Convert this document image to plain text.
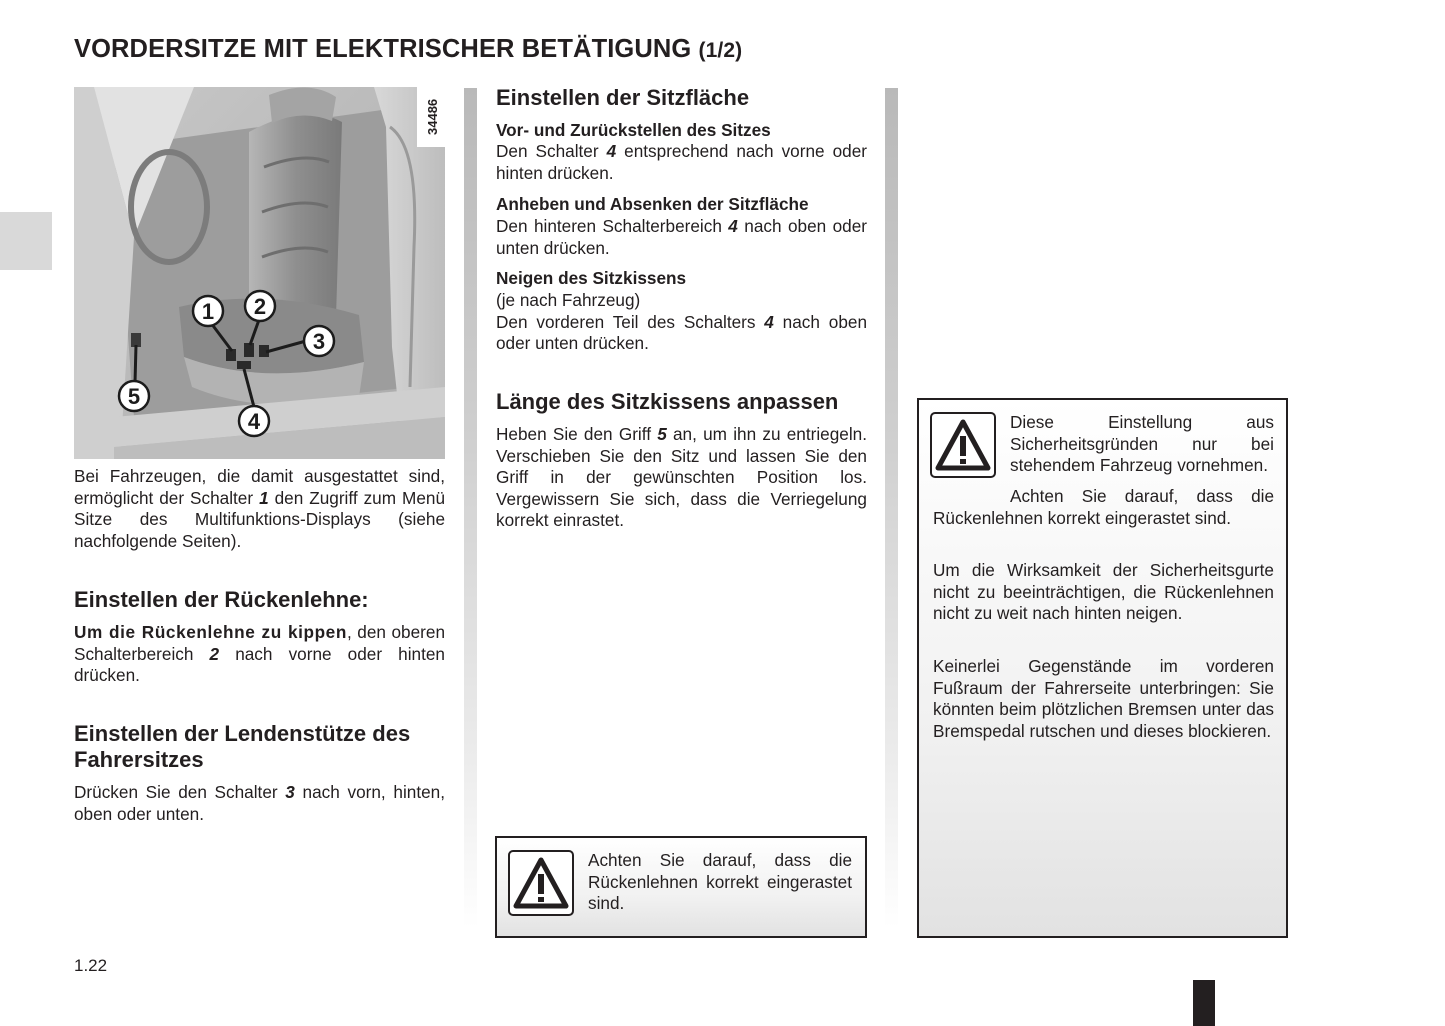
VORDERSITZE MIT ELEKTRISCHER BETÄTIGUNG (1/2)
1 2
3
4
5
34486

Bei Fahrzeugen, die damit ausgestattet sind, ermöglicht der Schalter 1 den Zugriff zum Menü Sitze des Multifunktions-Displays (siehe nachfolgende Seiten).

Einstellen der Rückenlehne:

Um die Rückenlehne zu kippen, den oberen Schalterbereich 2 nach vorne oder hinten drücken.

Einstellen der Lendenstütze des Fahrersitzes

Drücken Sie den Schalter 3 nach vorn, hinten, oben oder unten.

Einstellen der Sitzfläche
Vor- und Zurückstellen des Sitzes

Den Schalter 4 entsprechend nach vorne oder hinten drücken.

Anheben und Absenken der Sitzfläche

Den hinteren Schalterbereich 4 nach oben oder unten drücken.

Neigen des Sitzkissens

(je nach Fahrzeug)

Den vorderen Teil des Schalters 4 nach oben oder unten drücken.

Länge des Sitzkissens anpassen

Heben Sie den Griff 5 an, um ihn zu entriegeln. Verschieben Sie den Sitz und lassen Sie den Griff in der gewünschten Position los. Vergewissern Sie sich, dass die Verriegelung korrekt einrastet.

Achten Sie darauf, dass die Rückenlehnen korrekt eingerastet sind.
Diese Einstellung aus Sicherheitsgründen nur bei stehendem Fahrzeug vornehmen.
Achten Sie darauf, dass die Rückenlehnen korrekt eingerastet sind.
Um die Wirksamkeit der Sicherheitsgurte nicht zu beeinträchtigen, die Rückenlehnen nicht zu weit nach hinten neigen.
Keinerlei Gegenstände im vorderen Fußraum der Fahrerseite unterbringen: Sie könnten beim plötzlichen Bremsen unter das Bremspedal rutschen und dieses blockieren.
1.22
